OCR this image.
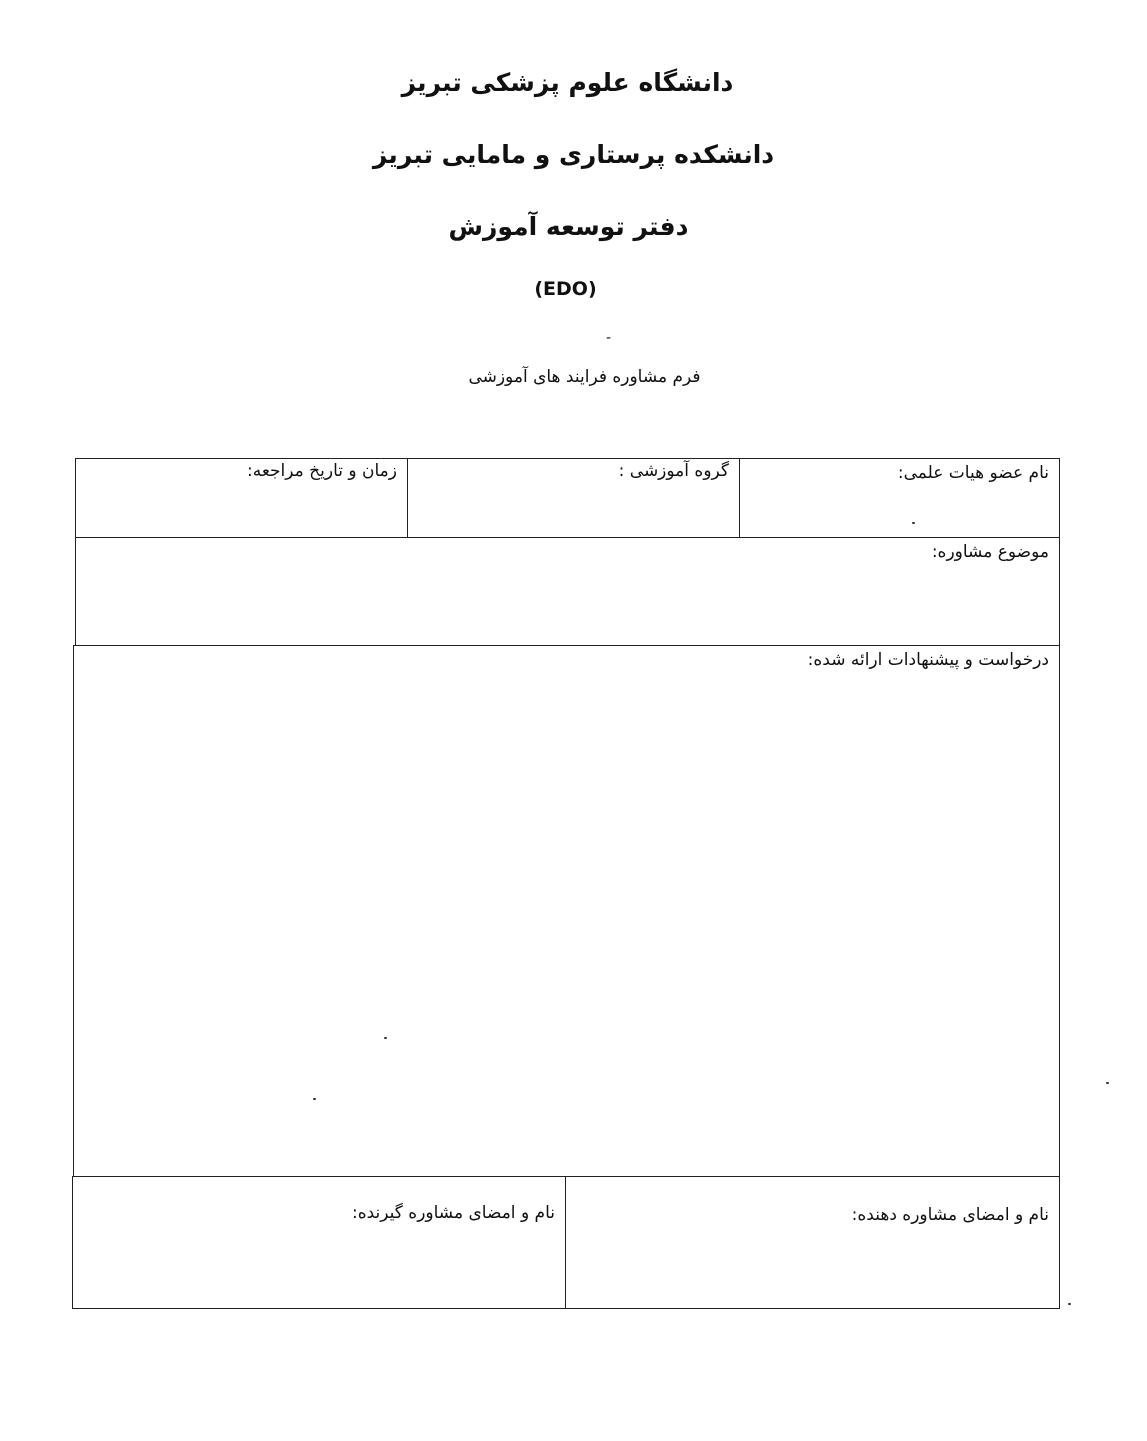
دانشگاه علوم پزشکی تبریز
دانشکده پرستاری و مامایی تبریز
دفتر توسعه آموزش
(EDO)
-
فرم مشاوره فرایند های آموزشی
نام عضو هیات علمی:
گروه آموزشی :
زمان و تاریخ مراجعه:
موضوع مشاوره:
درخواست و پیشنهادات ارائه شده:
نام و امضای مشاوره دهنده:
نام و امضای مشاوره گیرنده:
